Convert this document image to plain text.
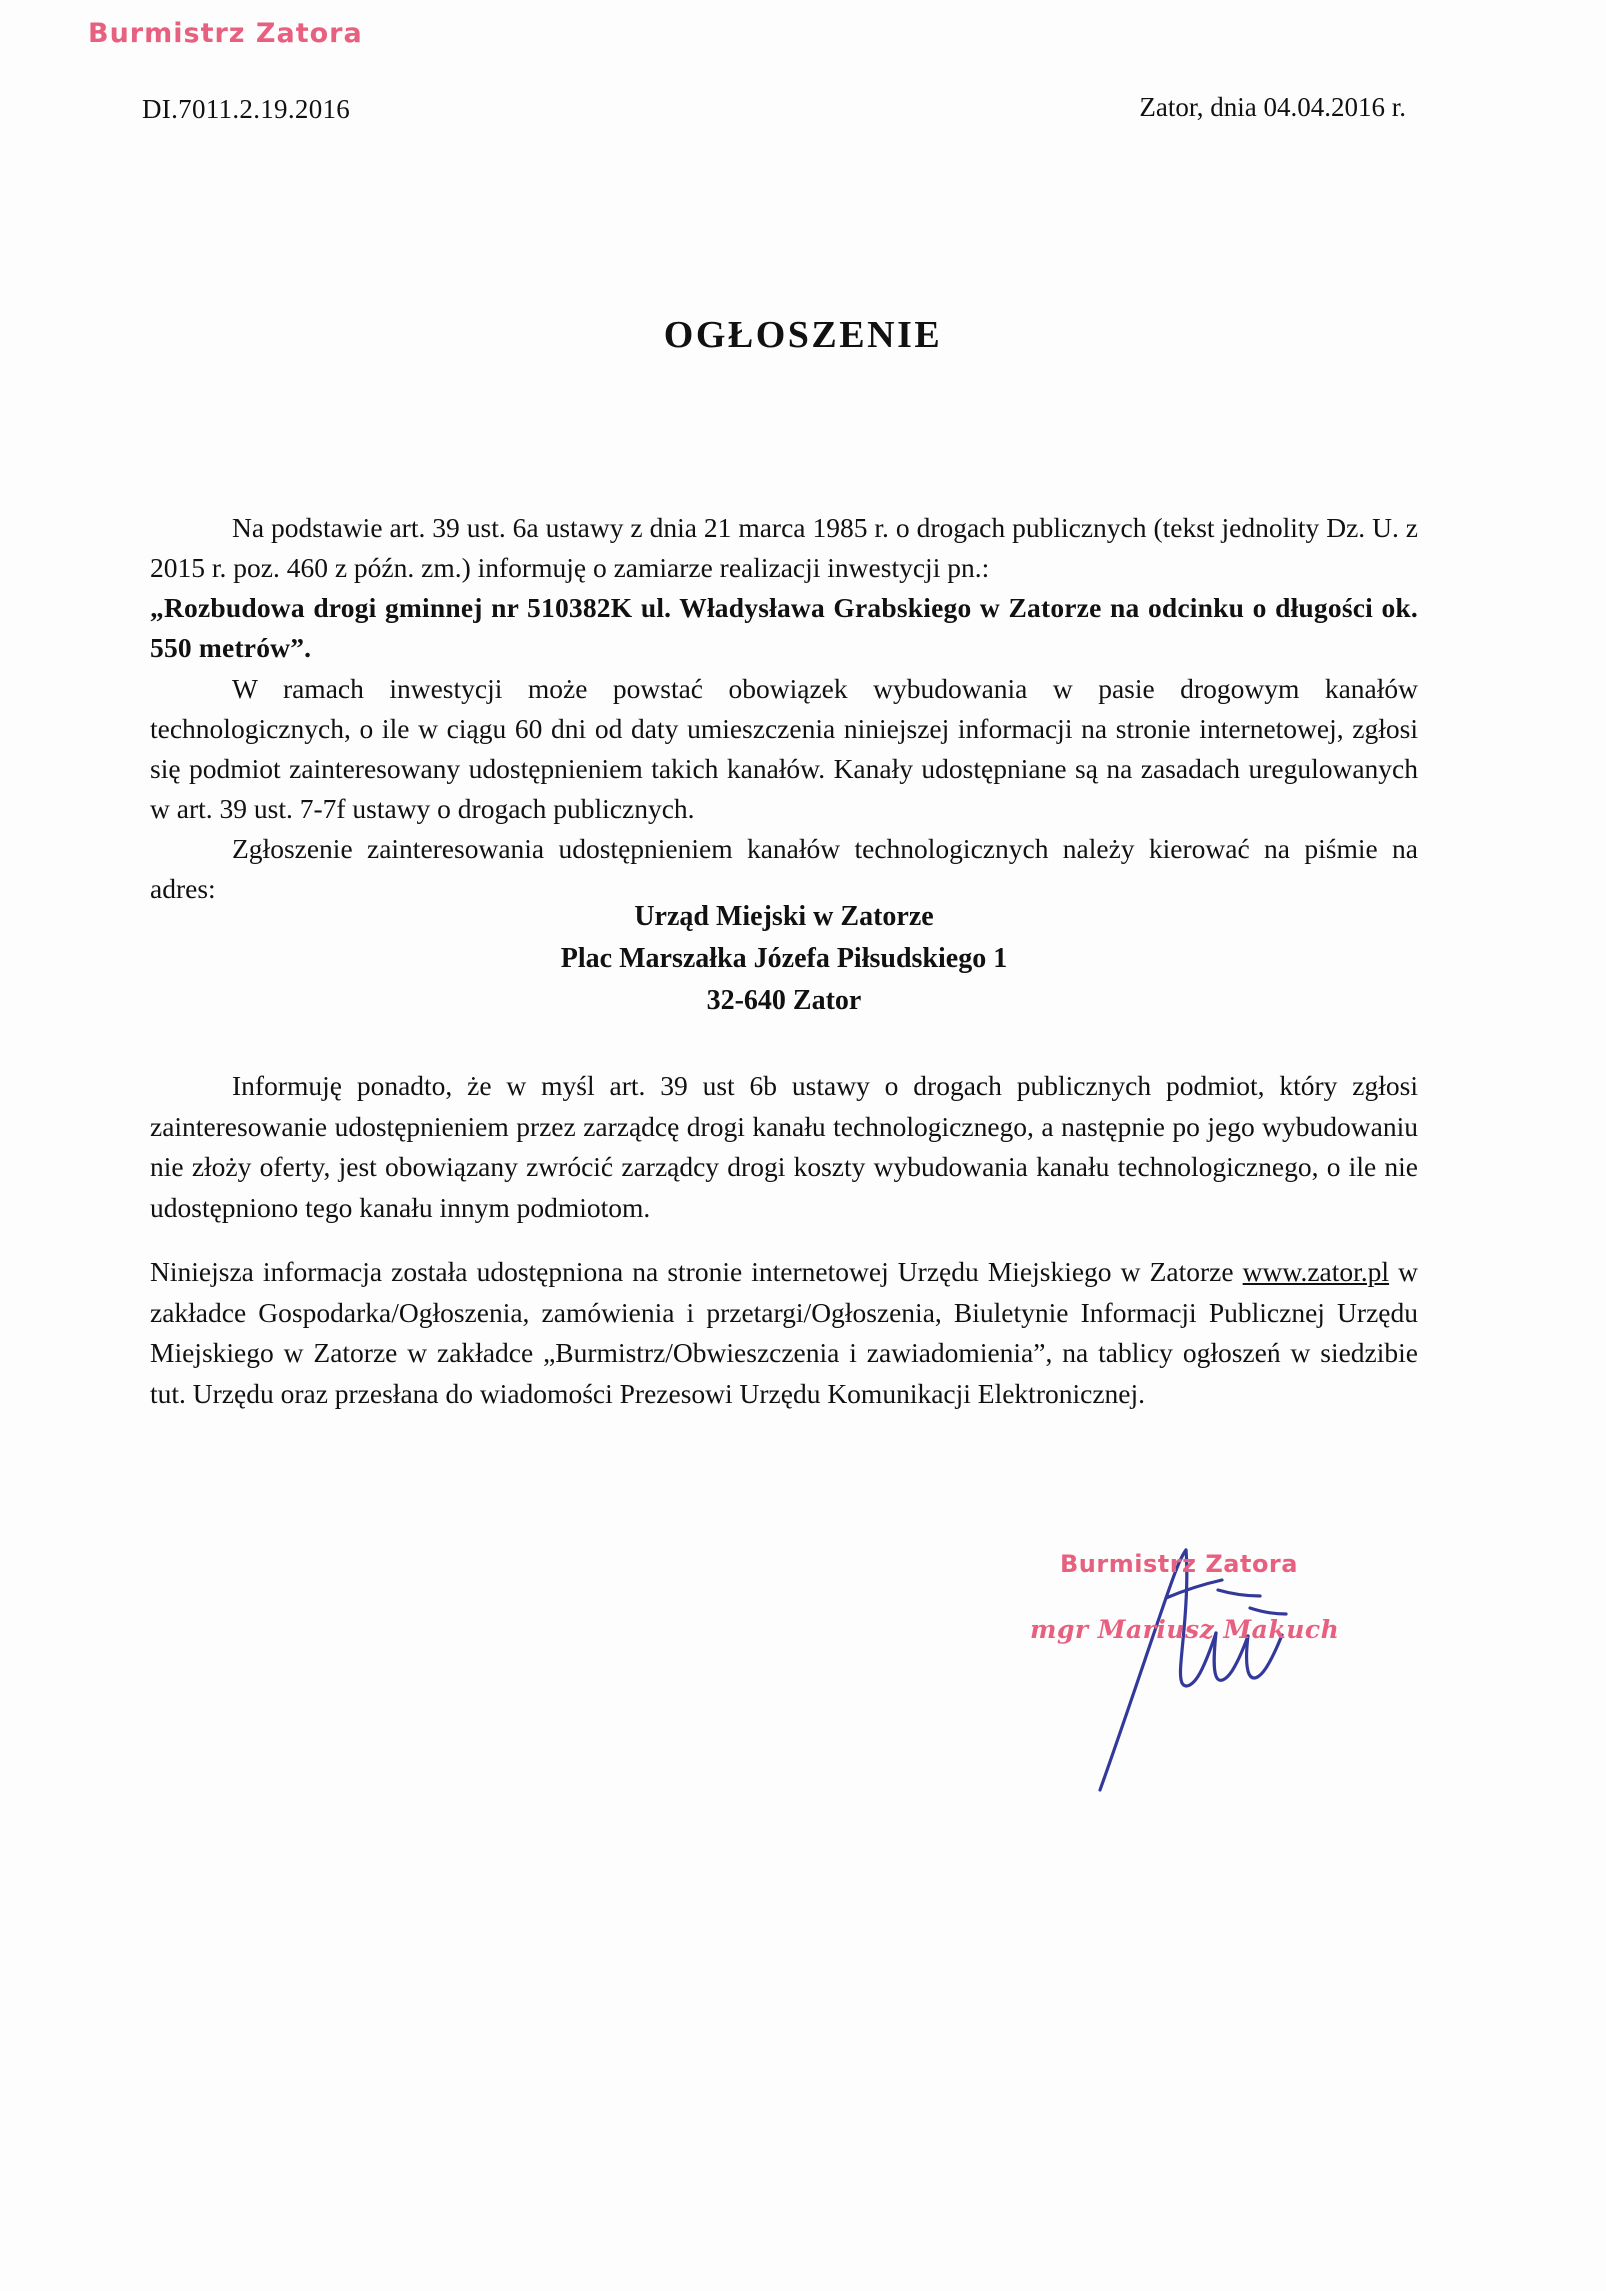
Burmistrz Zatora
DI.7011.2.19.2016	Zator, dnia 04.04.2016 r.
OGŁOSZENIE

Na podstawie art. 39 ust. 6a ustawy z dnia 21 marca 1985 r. o drogach publicznych (tekst jednolity Dz. U. z 2015 r. poz. 460 z późn. zm.) informuję o zamiarze realizacji inwestycji pn.:

„Rozbudowa drogi gminnej nr 510382K ul. Władysława Grabskiego w Zatorze na odcinku o długości ok. 550 metrów”.

W ramach inwestycji może powstać obowiązek wybudowania w pasie drogowym kanałów technologicznych, o ile w ciągu 60 dni od daty umieszczenia niniejszej informacji na stronie internetowej, zgłosi się podmiot zainteresowany udostępnieniem takich kanałów. Kanały udostępniane są na zasadach uregulowanych w art. 39 ust. 7-7f ustawy o drogach publicznych.

Zgłoszenie zainteresowania udostępnieniem kanałów technologicznych należy kierować na piśmie na adres:

Urząd Miejski w Zatorze
Plac Marszałka Józefa Piłsudskiego 1
32-640 Zator
Informuję ponadto, że w myśl art. 39 ust 6b ustawy o drogach publicznych podmiot, który zgłosi zainteresowanie udostępnieniem przez zarządcę drogi kanału technologicznego, a następnie po jego wybudowaniu nie złoży oferty, jest obowiązany zwrócić zarządcy drogi koszty wybudowania kanału technologicznego, o ile nie udostępniono tego kanału innym podmiotom.
Niniejsza informacja została udostępniona na stronie internetowej Urzędu Miejskiego w Zatorze www.zator.pl w zakładce Gospodarka/Ogłoszenia, zamówienia i przetargi/Ogłoszenia, Biuletynie Informacji Publicznej Urzędu Miejskiego w Zatorze w zakładce „Burmistrz/Obwieszczenia i zawiadomienia”, na tablicy ogłoszeń w siedzibie tut. Urzędu oraz przesłana do wiadomości Prezesowi Urzędu Komunikacji Elektronicznej.
Burmistrz Zatora
mgr Mariusz Makuch
